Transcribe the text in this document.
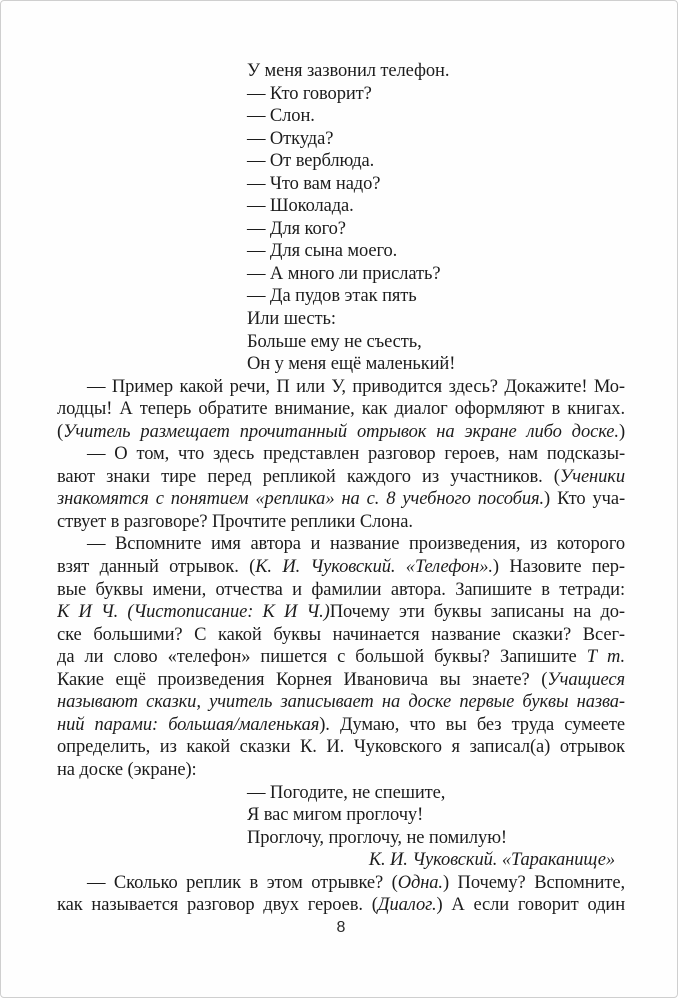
У меня зазвонил телефон.
— Кто говорит?
— Слон.
— Откуда?
— От верблюда.
— Что вам надо?
— Шоколада.
— Для кого?
— Для сына моего.
— А много ли прислать?
— Да пудов этак пять
Или шесть:
Больше ему не съесть,
Он у меня ещё маленький!
— Пример какой речи, П или У, приводится здесь? Докажите! Мо-
лодцы! А теперь обратите внимание, как диалог оформляют в книгах.
(Учитель размещает прочитанный отрывок на экране либо доске.)
— О том, что здесь представлен разговор героев, нам подсказы-
вают знаки тире перед репликой каждого из участников. (Ученики
знакомятся с понятием «реплика» на с. 8 учебного пособия.) Кто уча-
ствует в разговоре? Прочтите реплики Слона.
— Вспомните имя автора и название произведения, из которого
взят данный отрывок. (К. И. Чуковский. «Телефон».) Назовите пер-
вые буквы имени, отчества и фамилии автора. Запишите в тетради:
К И Ч. (Чистописание: К И Ч.)Почему эти буквы записаны на до-
ске большими? С какой буквы начинается название сказки? Всег-
да ли слово «телефон» пишется с большой буквы? Запишите Т т.
Какие ещё произведения Корнея Ивановича вы знаете? (Учащиеся
называют сказки, учитель записывает на доске первые буквы назва-
ний парами: большая/маленькая). Думаю, что вы без труда сумеете
определить, из какой сказки К. И. Чуковского я записал(а) отрывок
на доске (экране):
— Погодите, не спешите,
Я вас мигом проглочу!
Проглочу, проглочу, не помилую!
К. И. Чуковский. «Тараканище»
— Сколько реплик в этом отрывке? (Одна.) Почему? Вспомните,
как называется разговор двух героев. (Диалог.) А если говорит один
8
